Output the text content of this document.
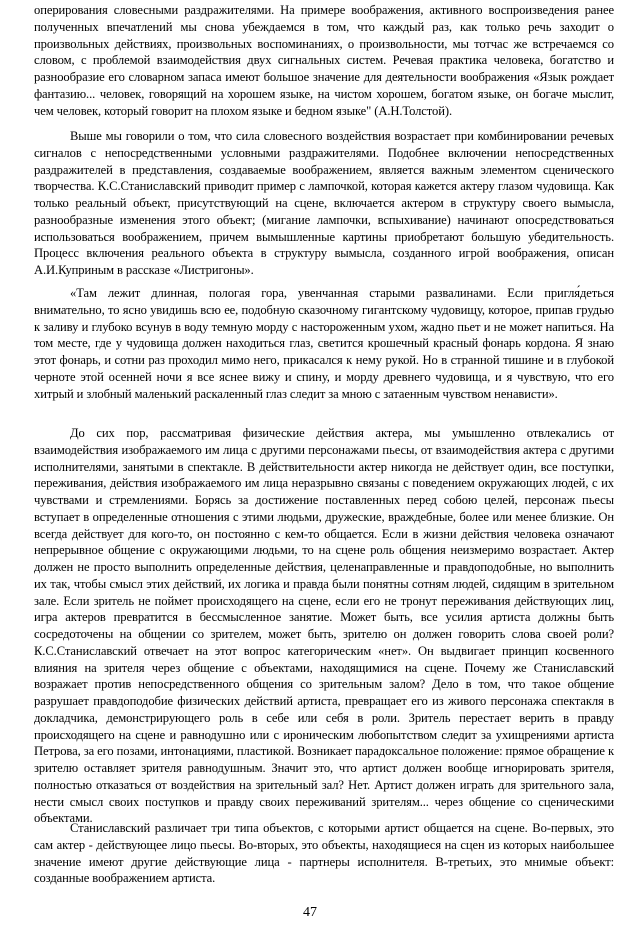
оперирования словесными раздражителями. На примере воображения, активного воспроизведения ранее полученных впечатлений мы снова убеждаемся в том, что каждый раз, как только речь заходит о произвольных действиях, произвольных воспоминаниях, о произвольности, мы тотчас же встречаемся со словом, с проблемой взаимодействия двух сигнальных систем. Речевая практика человека, богатство и разнообразие его словарном запаса имеют большое значение для деятельности воображения «Язык рождает фантазию... человек, говорящий на хорошем языке, на чистом хорошем, богатом языке, он богаче мыслит, чем человек, который говорит на плохом языке и бедном языке" (А.Н.Толстой).

Выше мы говорили о том, что сила словесного воздействия возрастает при комбинировании речевых сигналов с непосредственными условными раздражителями. Подобнее включении непосредственных раздражителей в представления, создаваемые воображением, является важным элементом сценического творчества. К.С.Станиславский приводит пример с лампочкой, которая кажется актеру глазом чудовища. Как только реальный объект, присутствующий на сцене, включается актером в структуру своего вымысла, разнообразные изменения этого объект; (мигание лампочки, вспыхивание) начинают опосредствоваться использоваться воображением, причем вымышленные картины приобретают большую убедительность. Процесс включения реального объекта в структуру вымысла, созданного игрой воображения, описан А.И.Куприным в рассказе «Листригоны».

«Там лежит длинная, пологая гора, увенчанная старыми развалинами. Если пригля́деться внимательно, то ясно увидишь всю ее, подобную сказочному гигантскому чудовищу, которое, припав грудью к заливу и глубоко всунув в воду темную морду с настороженным ухом, жадно пьет и не может напиться. На том месте, где у чудовища должен находиться глаз, светится крошечный красный фонарь кордона. Я знаю этот фонарь, и сотни раз проходил мимо него, прикасался к нему рукой. Но в странной тишине и в глубокой черноте этой осенней ночи я все яснее вижу и спину, и морду древнего чудовища, и я чувствую, что его хитрый и злобный маленький раскаленный глаз следит за мною с затаенным чувством ненависти».

До сих пор, рассматривая физические действия актера, мы умышленно отвлекались от взаимодействия изображаемого им лица с другими персонажами пьесы, от взаимодействия актера с другими исполнителями, занятыми в спектакле. В действительности актер никогда не действует один, все поступки, переживания, действия изображаемого им лица неразрывно связаны с поведением окружающих людей, с их чувствами и стремлениями. Борясь за достижение поставленных перед собою целей, персонаж пьесы вступает в определенные отношения с этими людьми, дружеские, враждебные, более или менее близкие. Он всегда действует для кого-то, он постоянно с кем-то общается. Если в жизни действия человека означают непрерывное общение с окружающими людьми, то на сцене роль общения неизмеримо возрастает. Актер должен не просто выполнить определенные действия, целенаправленные и правдоподобные, но выполнить их так, чтобы смысл этих действий, их логика и правда были понятны сотням людей, сидящим в зрительном зале. Если зритель не поймет происходящего на сцене, если его не тронут переживания действующих лиц, игра актеров превратится в бессмысленное занятие. Может быть, все усилия артиста должны быть сосредоточены на общении со зрителем, может быть, зрителю он должен говорить слова своей роли? К.С.Станиславский отвечает на этот вопрос категорическим «нет». Он выдвигает принцип косвенного влияния на зрителя через общение с объектами, находящимися на сцене. Почему же Станиславский возражает против непосредственного общения со зрительным залом? Дело в том, что такое общение разрушает правдоподобие физических действий артиста, превращает его из живого персонажа спектакля в докладчика, демонстрирующего роль в себе или себя в роли. Зритель перестает верить в правду происходящего на сцене и равнодушно или с ироническим любопытством следит за ухищрениями артиста Петрова, за его позами, интонациями, пластикой. Возникает парадоксальное положение: прямое обращение к зрителю оставляет зрителя равнодушным. Значит это, что артист должен вообще игнорировать зрителя, полностью отказаться от воздействия на зрительный зал? Нет. Артист должен играть для зрительного зала, нести смысл своих поступков и правду своих переживаний зрителям... через общение со сценическими объектами.

Станиславский различает три типа объектов, с которыми артист общается на сцене. Во-первых, это сам актер - действующее лицо пьесы. Во-вторых, это объекты, находящиеся на сцен из которых наибольшее значение имеют другие действующие лица - партнеры исполнителя. В-третьих, это мнимые объект: созданные воображением артиста.

47
